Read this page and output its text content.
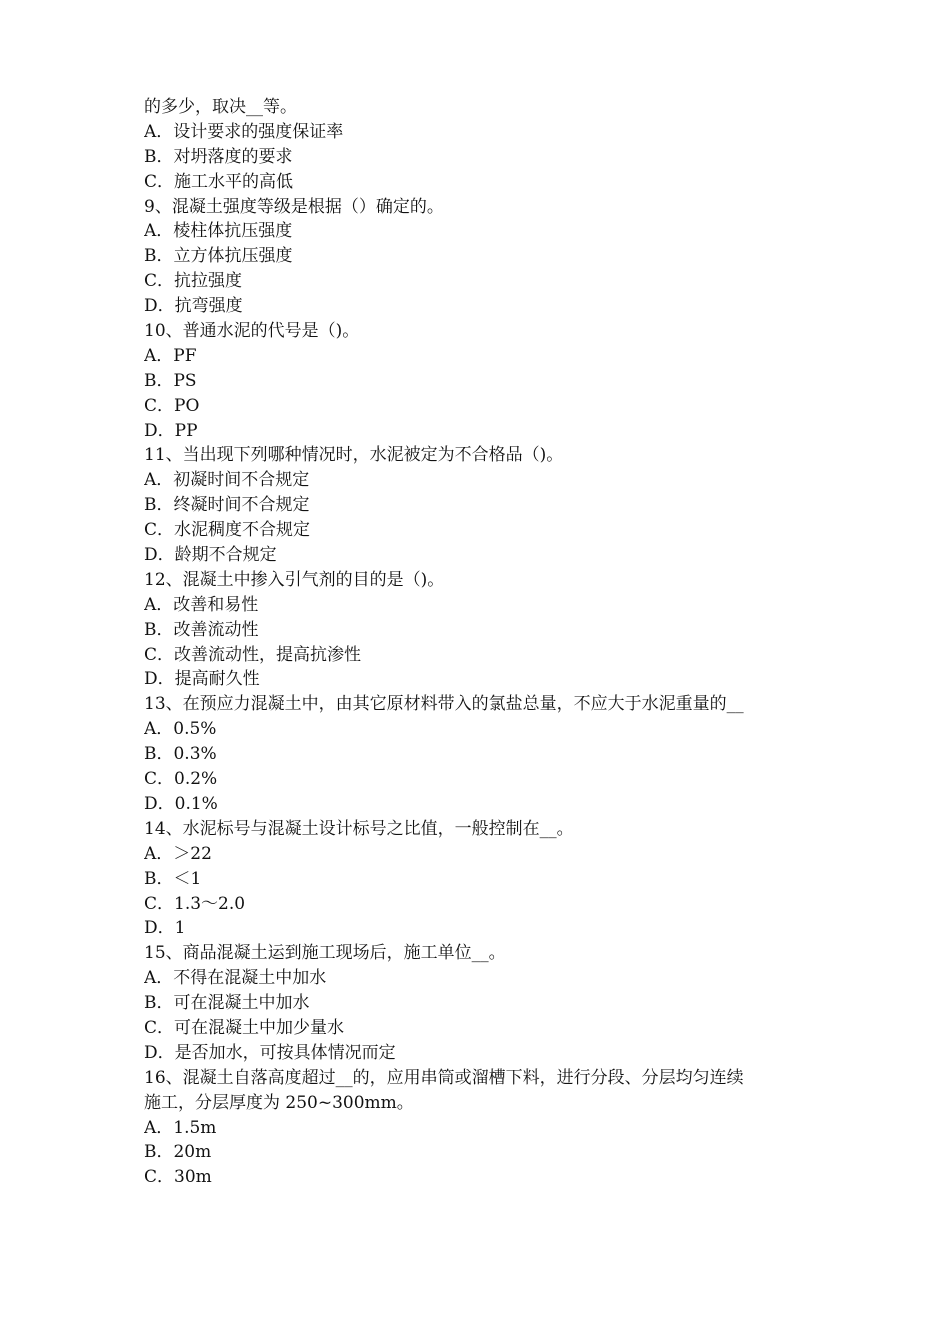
的多少，取决__等。
A．设计要求的强度保证率
B．对坍落度的要求
C．施工水平的高低
9、混凝土强度等级是根据（）确定的。
A．棱柱体抗压强度
B．立方体抗压强度
C．抗拉强度
D．抗弯强度
10、普通水泥的代号是（)。
A．PF
B．PS
C．PO
D．PP
11、当出现下列哪种情况时，水泥被定为不合格品（)。
A．初凝时间不合规定
B．终凝时间不合规定
C．水泥稠度不合规定
D．龄期不合规定
12、混凝土中掺入引气剂的目的是（)。
A．改善和易性
B．改善流动性
C．改善流动性，提高抗渗性
D．提高耐久性
13、在预应力混凝土中，由其它原材料带入的氯盐总量，不应大于水泥重量的__
A．0.5%
B．0.3%
C．0.2%
D．0.1%
14、水泥标号与混凝土设计标号之比值，一般控制在__。
A．＞22
B．＜1
C．1.3～2.0
D．1
15、商品混凝土运到施工现场后，施工单位__。
A．不得在混凝土中加水
B．可在混凝土中加水
C．可在混凝土中加少量水
D．是否加水，可按具体情况而定
16、混凝土自落高度超过__的，应用串筒或溜槽下料，进行分段、分层均匀连续
施工，分层厚度为 250~300mm。
A．1.5m
B．20m
C．30m
